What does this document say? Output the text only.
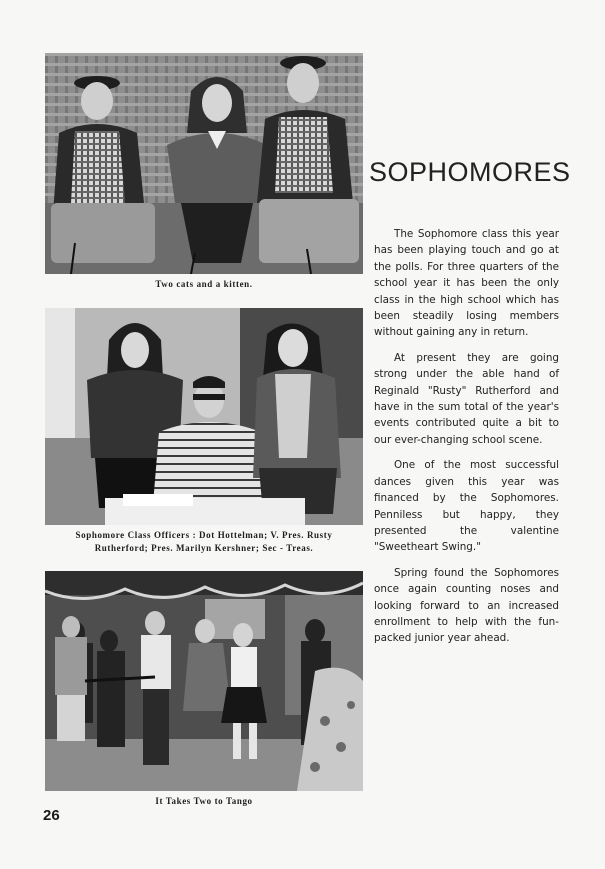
Two cats and a kitten.
Sophomore Class Officers : Dot Hottelman; V. Pres. Rusty
Rutherford; Pres. Marilyn Kershner; Sec - Treas.
It Takes Two to Tango
SOPHOMORES

The Sophomore class this year has been playing touch and go at the polls. For three quarters of the school year it has been the only class in the high school which has been steadily losing members without gaining any in return.

At present they are going strong under the able hand of Reginald "Rusty" Rutherford and have in the sum total of the year's events contributed quite a bit to our ever-changing school scene.

One of the most successful dances given this year was financed by the Sophomores. Penniless but happy, they presented the valentine "Sweetheart Swing."

Spring found the Sophomores once again counting noses and looking forward to an increased enrollment to help with the fun-packed junior year ahead.

26
